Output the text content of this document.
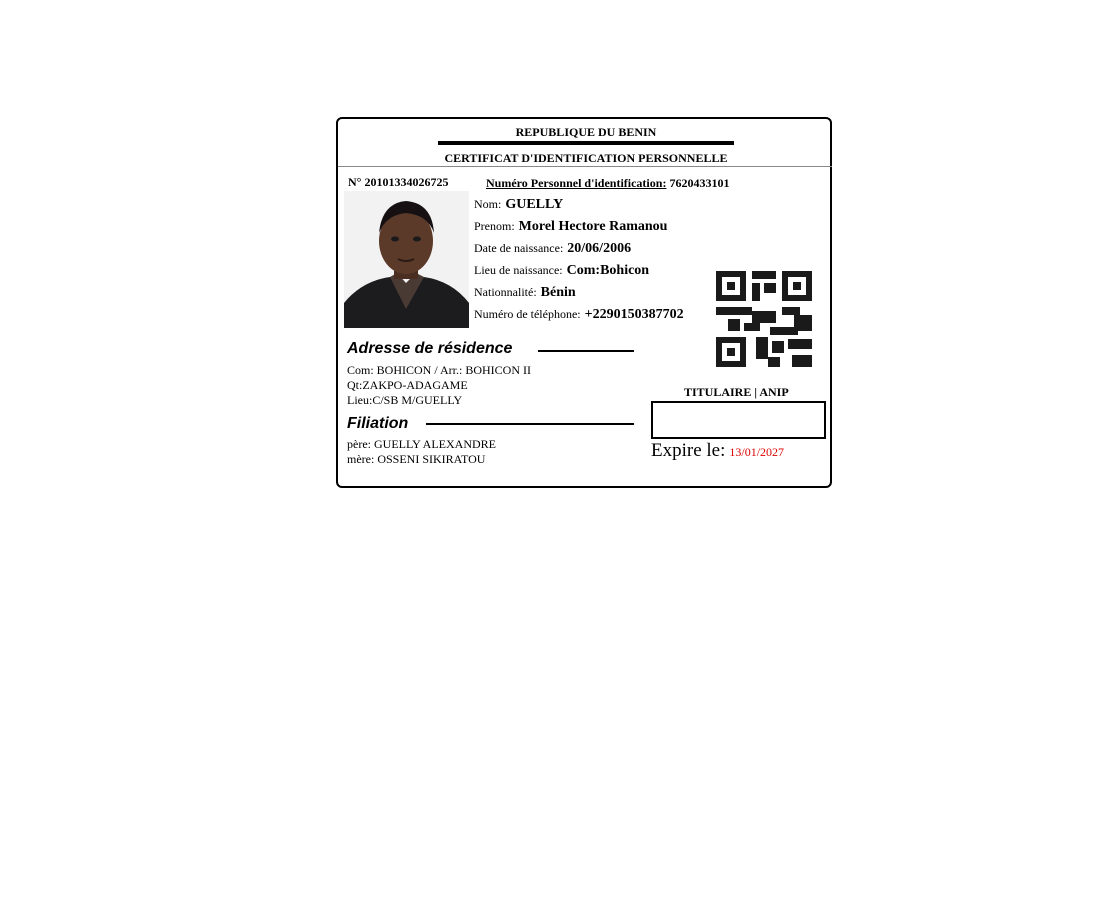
REPUBLIQUE DU BENIN
CERTIFICAT D'IDENTIFICATION PERSONNELLE
N° 20101334026725	Numéro Personnel d'identification: 7620433101
Nom: GUELLY
Prenom: Morel Hectore Ramanou
Date de naissance: 20/06/2006
Lieu de naissance: Com:Bohicon
Nationnalité: Bénin
Numéro de téléphone: +2290150387702
Adresse de résidence
Com: BOHICON / Arr.: BOHICON II
Qt:ZAKPO-ADAGAME
Lieu:C/SB M/GUELLY
Filiation
père: GUELLY ALEXANDRE
mère: OSSENI SIKIRATOU
TITULAIRE | ANIP
Expire le: 13/01/2027
